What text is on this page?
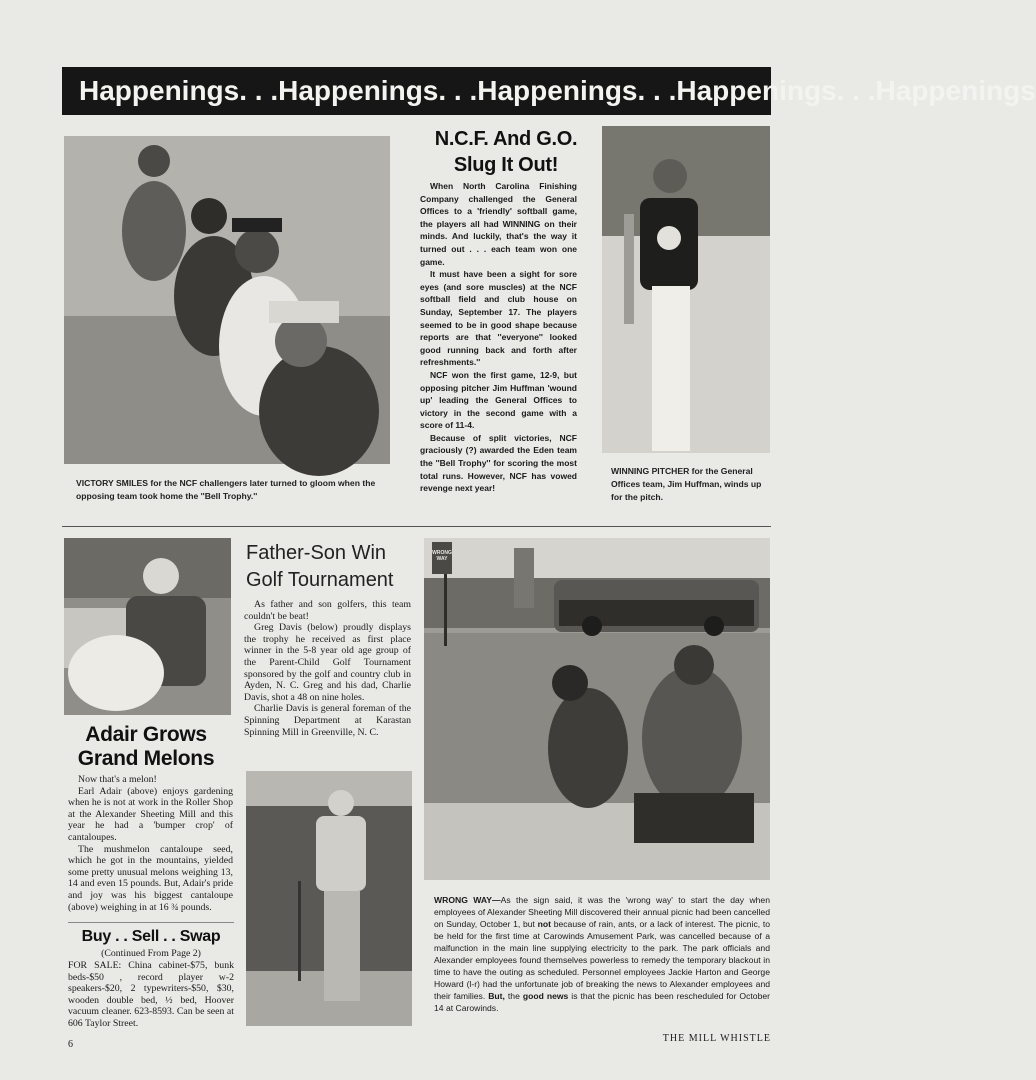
Happenings. . .Happenings. . .Happenings. . .Happenings. . .Happenings
VICTORY SMILES for the NCF challengers later turned to gloom when the opposing team took home the ''Bell Trophy.''
N.C.F. And G.O. Slug It Out!

When North Carolina Finishing Company challenged the General Offices to a 'friendly' softball game, the players all had WINNING on their minds. And luckily, that's the way it turned out . . . each team won one game.

It must have been a sight for sore eyes (and sore muscles) at the NCF softball field and club house on Sunday, September 17. The players seemed to be in good shape because reports are that ''everyone'' looked good running back and forth after refreshments.''

NCF won the first game, 12-9, but opposing pitcher Jim Huffman 'wound up' leading the General Offices to victory in the second game with a score of 11-4.

Because of split victories, NCF graciously (?) awarded the Eden team the ''Bell Trophy'' for scoring the most total runs. However, NCF has vowed revenge next year!

WINNING PITCHER for the General Offices team, Jim Huffman, winds up for the pitch.
Adair Grows Grand Melons

Now that's a melon!

Earl Adair (above) enjoys gardening when he is not at work in the Roller Shop at the Alexander Sheeting Mill and this year he had a 'bumper crop' of cantaloupes.

The mushmelon cantaloupe seed, which he got in the mountains, yielded some pretty unusual melons weighing 13, 14 and even 15 pounds. But, Adair's pride and joy was his biggest cantaloupe (above) weighing in at 16 ¾ pounds.

Buy . . Sell . . Swap
(Continued From Page 2)
FOR SALE: China cabinet-$75, bunk beds-$50 , record player w-2 speakers-$20, 2 typewriters-$50, $30, wooden double bed, ½ bed, Hoover vacuum cleaner. 623-8593. Can be seen at 606 Taylor Street.
Father-Son Win Golf Tournament

As father and son golfers, this team couldn't be beat!

Greg Davis (below) proudly displays the trophy he received as first place winner in the 5-8 year old age group of the Parent-Child Golf Tournament sponsored by the golf and country club in Ayden, N. C. Greg and his dad, Charlie Davis, shot a 48 on nine holes.

Charlie Davis is general foreman of the Spinning Department at Karastan Spinning Mill in Greenville, N. C.

WRONG WAY
WRONG WAY—As the sign said, it was the 'wrong way' to start the day when employees of Alexander Sheeting Mill discovered their annual picnic had been cancelled on Sunday, October 1, but not because of rain, ants, or a lack of interest. The picnic, to be held for the first time at Carowinds Amusement Park, was cancelled because of a malfunction in the main line supplying electricity to the park. The park officials and Alexander employees found themselves powerless to remedy the temporary blackout in time to have the outing as scheduled. Personnel employees Jackie Harton and George Howard (l-r) had the unfortunate job of breaking the news to Alexander employees and their families. But, the good news is that the picnic has been rescheduled for October 14 at Carowinds.
6
THE MILL WHISTLE
